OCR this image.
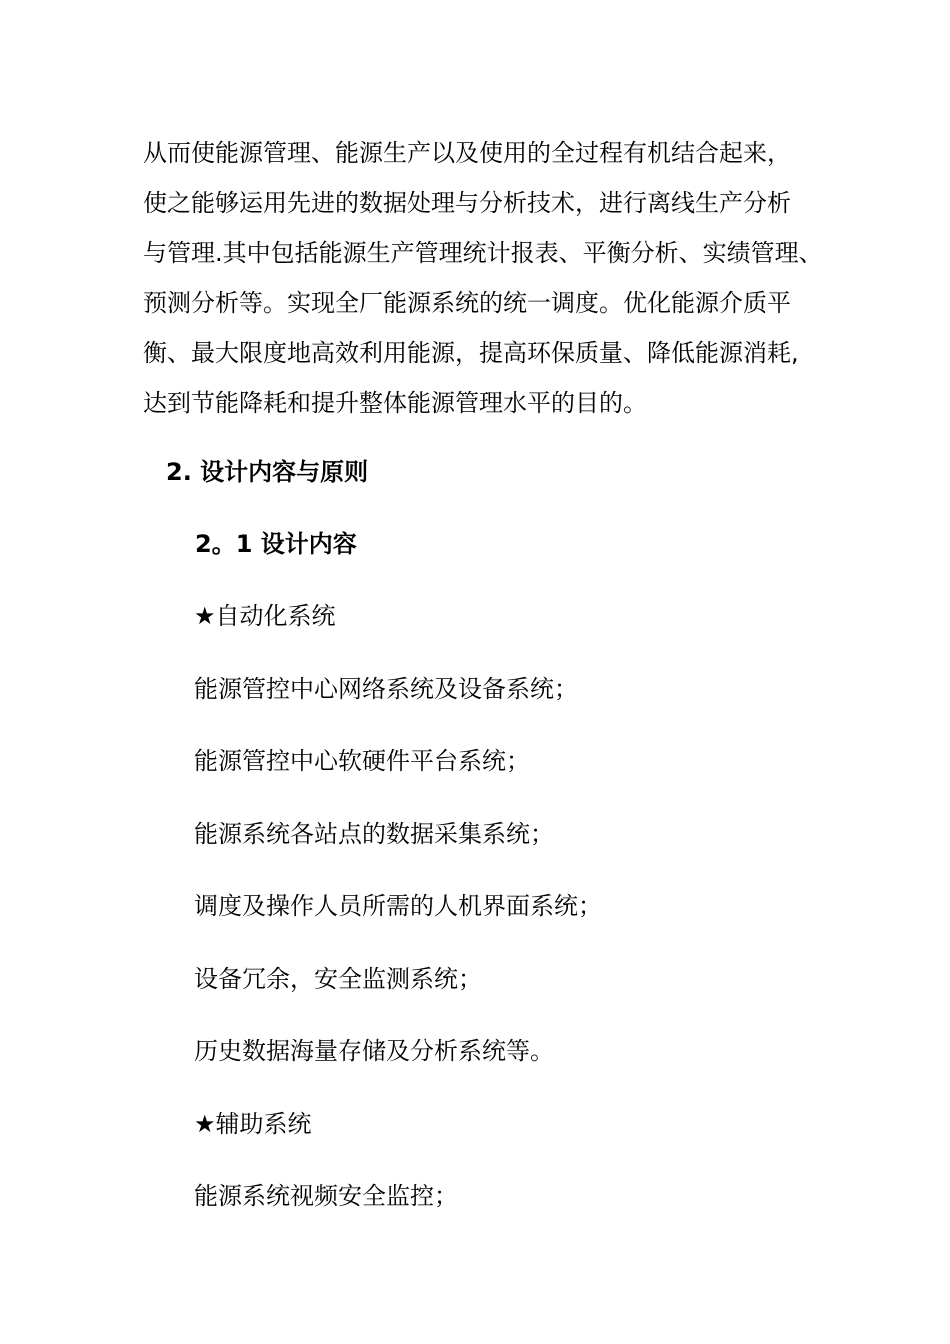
从而使能源管理、能源生产以及使用的全过程有机结合起来，
使之能够运用先进的数据处理与分析技术，进行离线生产分析
与管理.其中包括能源生产管理统计报表、平衡分析、实绩管理、
预测分析等。实现全厂能源系统的统一调度。优化能源介质平
衡、最大限度地高效利用能源，提高环保质量、降低能源消耗,
达到节能降耗和提升整体能源管理水平的目的。
2. 设计内容与原则
2。1 设计内容
★自动化系统
能源管控中心网络系统及设备系统；
能源管控中心软硬件平台系统；
能源系统各站点的数据采集系统；
调度及操作人员所需的人机界面系统；
设备冗余，安全监测系统；
历史数据海量存储及分析系统等。
★辅助系统
能源系统视频安全监控；
